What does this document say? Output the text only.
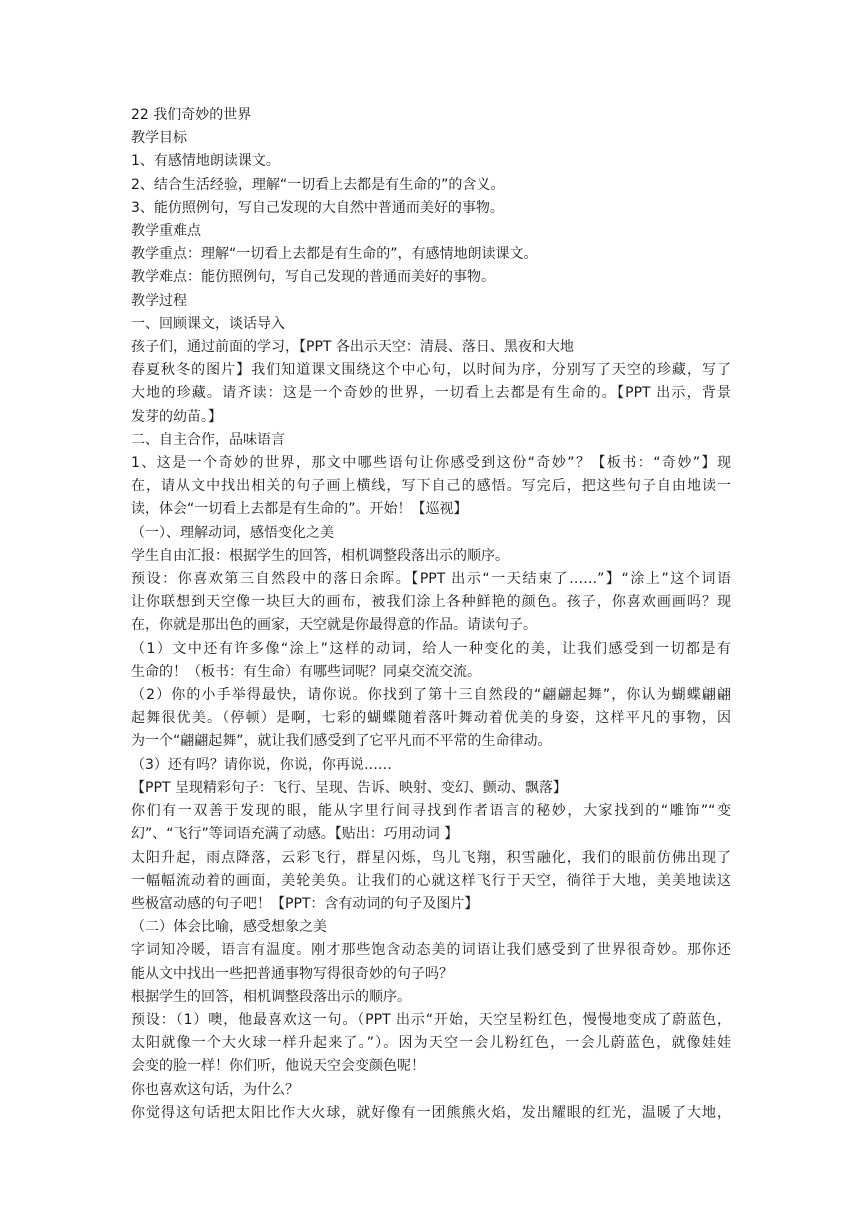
22 我们奇妙的世界
教学目标
1、有感情地朗读课文。
2、结合生活经验，理解“一切看上去都是有生命的”的含义。
3、能仿照例句，写自己发现的大自然中普通而美好的事物。
教学重难点
教学重点：理解“一切看上去都是有生命的”，有感情地朗读课文。
教学难点：能仿照例句，写自己发现的普通而美好的事物。
教学过程
一、回顾课文，谈话导入
孩子们，通过前面的学习，【PPT 各出示天空：清晨、落日、黑夜和大地
春夏秋冬的图片】我们知道课文围绕这个中心句，以时间为序，分别写了天空的珍藏，写了
大地的珍藏。请齐读：这是一个奇妙的世界，一切看上去都是有生命的。【PPT 出示，背景
发芽的幼苗。】
二、自主合作，品味语言
1、这是一个奇妙的世界，那文中哪些语句让你感受到这份“奇妙”？【板书：“奇妙”】现
在，请从文中找出相关的句子画上横线，写下自己的感悟。写完后，把这些句子自由地读一
读，体会“一切看上去都是有生命的”。开始！【巡视】
（一）、理解动词，感悟变化之美
学生自由汇报：根据学生的回答，相机调整段落出示的顺序。
预设：你喜欢第三自然段中的落日余晖。【PPT 出示“一天结束了……”】“涂上”这个词语
让你联想到天空像一块巨大的画布，被我们涂上各种鲜艳的颜色。孩子，你喜欢画画吗？现
在，你就是那出色的画家，天空就是你最得意的作品。请读句子。
（1）文中还有许多像“涂上”这样的动词，给人一种变化的美，让我们感受到一切都是有
生命的！（板书：有生命）有哪些词呢？同桌交流交流。
（2）你的小手举得最快，请你说。你找到了第十三自然段的“翩翩起舞”，你认为蝴蝶翩翩
起舞很优美。（停顿）是啊，七彩的蝴蝶随着落叶舞动着优美的身姿，这样平凡的事物，因
为一个“翩翩起舞”，就让我们感受到了它平凡而不平常的生命律动。
（3）还有吗？请你说，你说，你再说……
【PPT 呈现精彩句子：飞行、呈现、告诉、映射、变幻、颤动、飘落】
你们有一双善于发现的眼，能从字里行间寻找到作者语言的秘妙，大家找到的“雕饰”“变
幻”、“飞行”等词语充满了动感。【贴出：巧用动词 】
太阳升起，雨点降落，云彩飞行，群星闪烁，鸟儿飞翔，积雪融化，我们的眼前仿佛出现了
一幅幅流动着的画面，美轮美奂。让我们的心就这样飞行于天空，徜徉于大地，美美地读这
些极富动感的句子吧！【PPT：含有动词的句子及图片】
（二）体会比喻，感受想象之美
字词知冷暖，语言有温度。刚才那些饱含动态美的词语让我们感受到了世界很奇妙。那你还
能从文中找出一些把普通事物写得很奇妙的句子吗？
根据学生的回答，相机调整段落出示的顺序。
预设：（1）噢，他最喜欢这一句。（PPT 出示“开始，天空呈粉红色，慢慢地变成了蔚蓝色，
太阳就像一个大火球一样升起来了。”）。因为天空一会儿粉红色，一会儿蔚蓝色，就像娃娃
会变的脸一样！你们听，他说天空会变颜色呢！
你也喜欢这句话，为什么？
你觉得这句话把太阳比作大火球，就好像有一团熊熊火焰，发出耀眼的红光，温暖了大地，
